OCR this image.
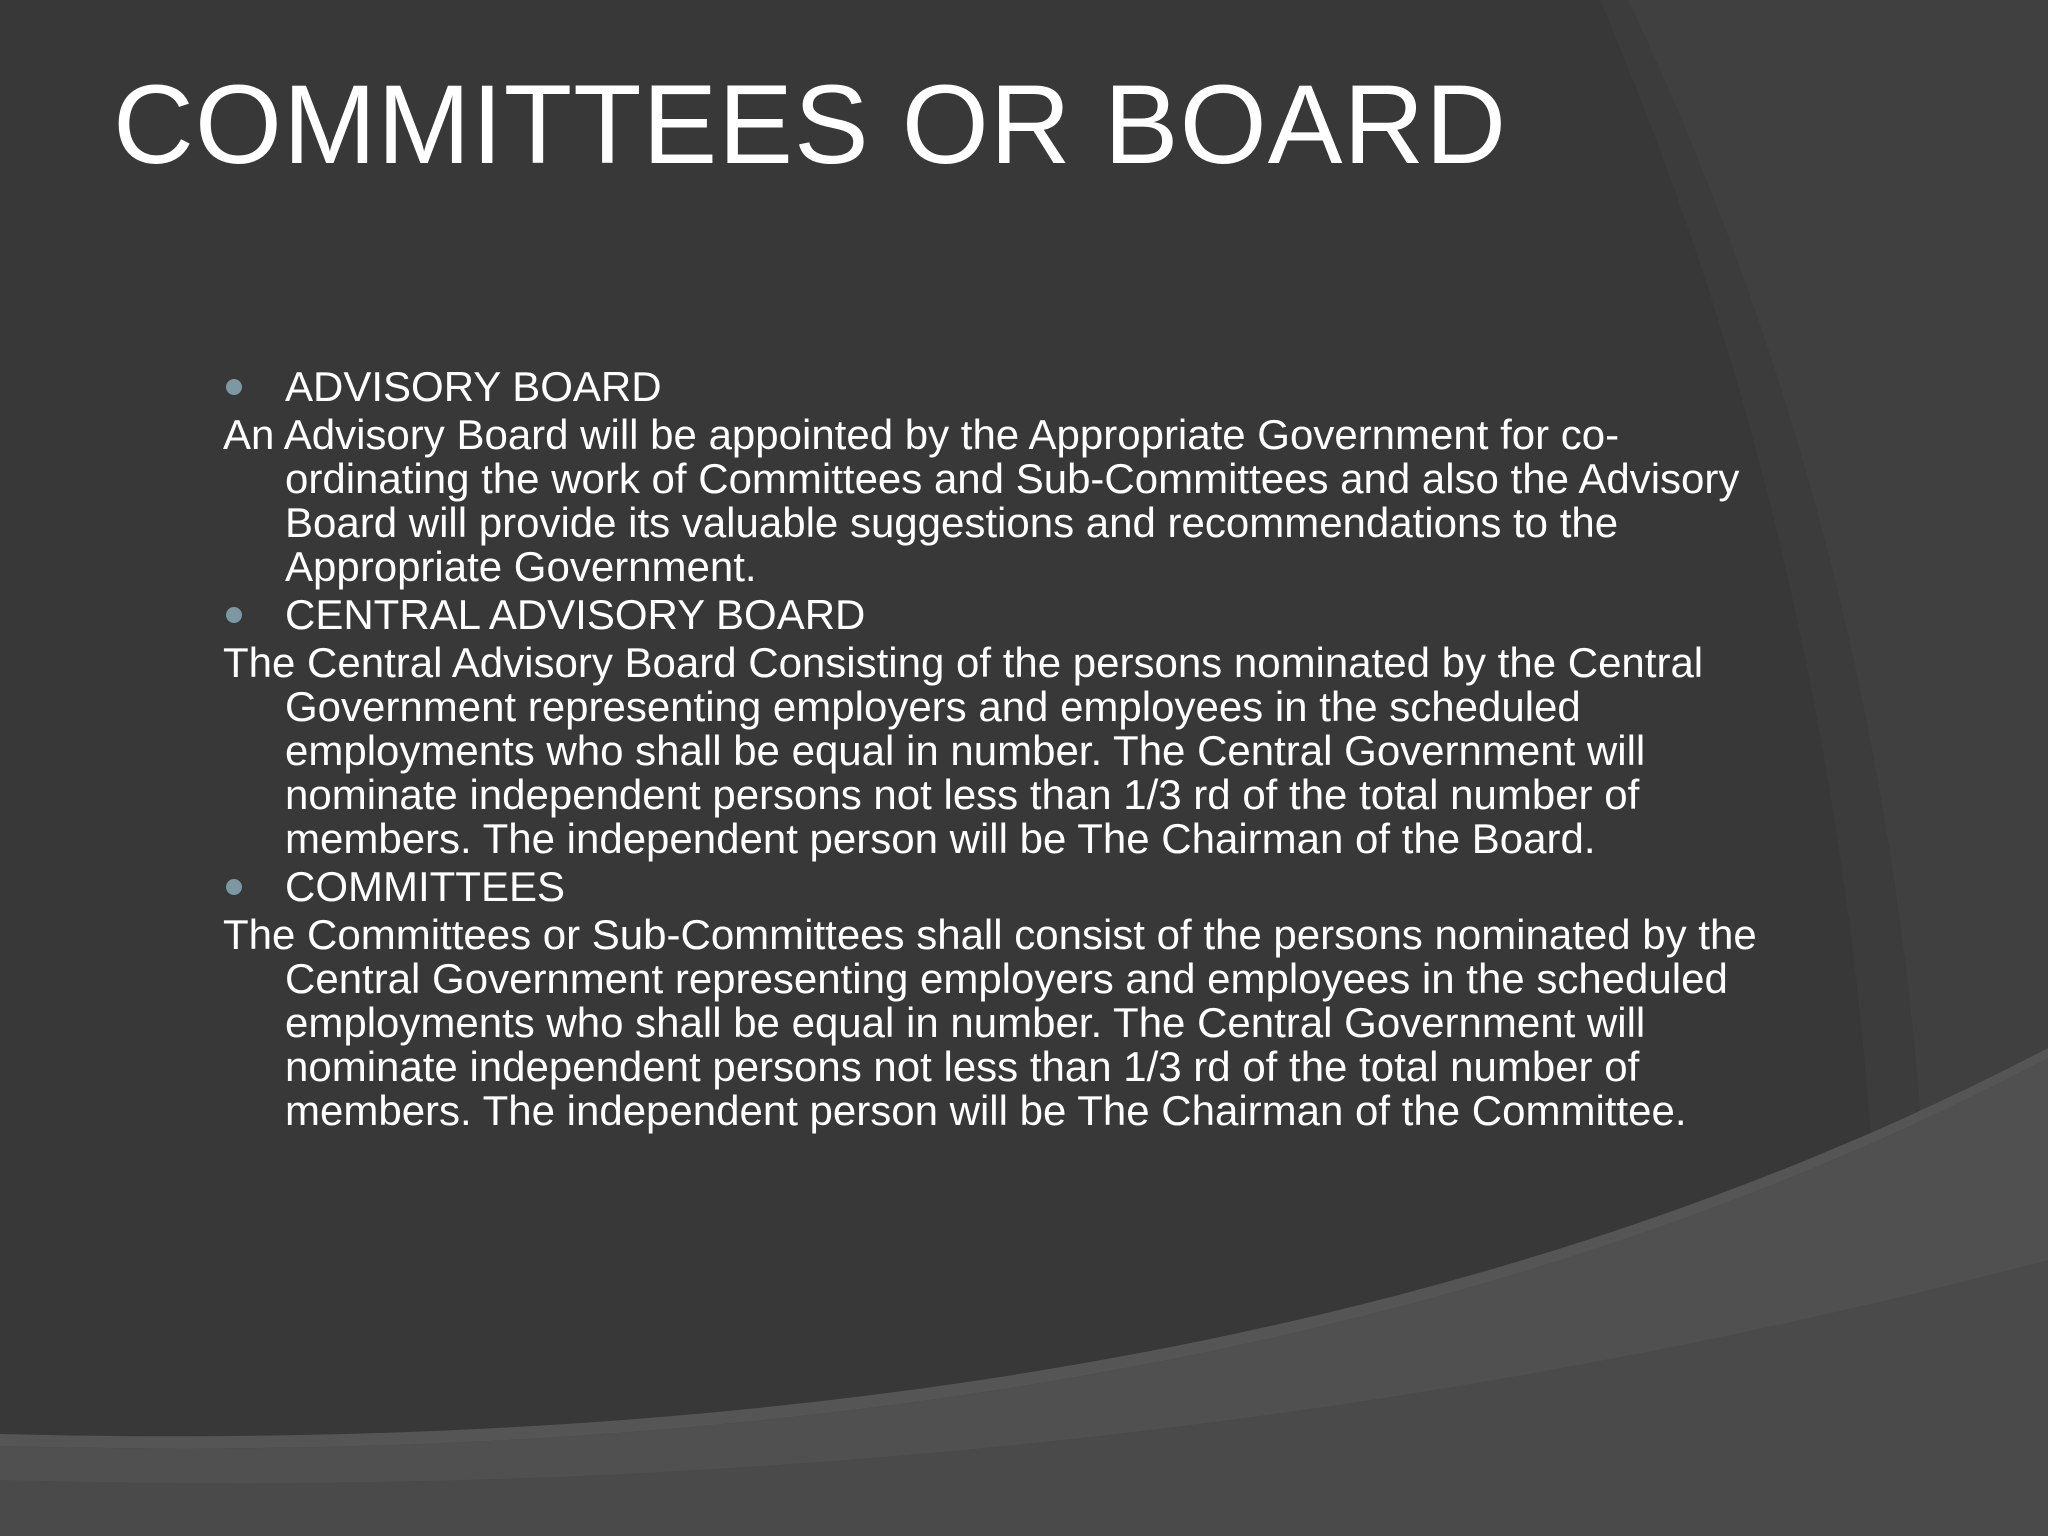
COMMITTEES OR BOARD
ADVISORY BOARD

An Advisory Board will be appointed by the Appropriate Government for co-ordinating the work of Committees and Sub-Committees and also the Advisory Board will provide its valuable suggestions and recommendations to the Appropriate Government.

CENTRAL ADVISORY BOARD

The Central Advisory Board Consisting of the persons nominated by the Central Government representing employers and employees in the scheduled employments who shall be equal in number. The Central Government will nominate independent persons not less than 1/3 rd of the total number of members. The independent person will be The Chairman of the Board.

COMMITTEES

The Committees or Sub-Committees shall consist of the persons nominated by the Central Government representing employers and employees in the scheduled employments who shall be equal in number. The Central Government will nominate independent persons not less than 1/3 rd of the total number of members. The independent person will be The Chairman of the Committee.
